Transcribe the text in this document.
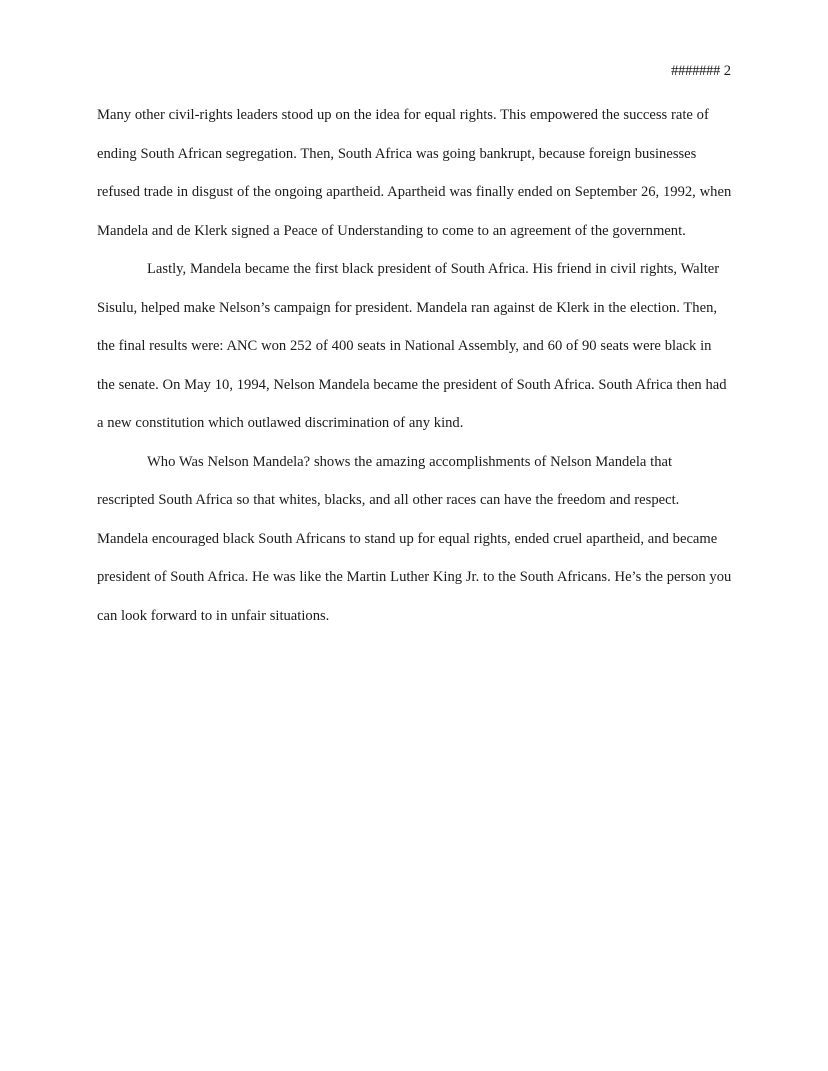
####### 2

Many other civil-rights leaders stood up on the idea for equal rights. This empowered the success rate of ending South African segregation. Then, South Africa was going bankrupt, because foreign businesses refused trade in disgust of the ongoing apartheid. Apartheid was finally ended on September 26, 1992, when Mandela and de Klerk signed a Peace of Understanding to come to an agreement of the government.

Lastly, Mandela became the first black president of South Africa. His friend in civil rights, Walter Sisulu, helped make Nelson’s campaign for president. Mandela ran against de Klerk in the election. Then, the final results were: ANC won 252 of 400 seats in National Assembly, and 60 of 90 seats were black in the senate. On May 10, 1994, Nelson Mandela became the president of South Africa. South Africa then had a new constitution which outlawed discrimination of any kind.

Who Was Nelson Mandela? shows the amazing accomplishments of Nelson Mandela that rescripted South Africa so that whites, blacks, and all other races can have the freedom and respect. Mandela encouraged black South Africans to stand up for equal rights, ended cruel apartheid, and became president of South Africa. He was like the Martin Luther King Jr. to the South Africans. He’s the person you can look forward to in unfair situations.
